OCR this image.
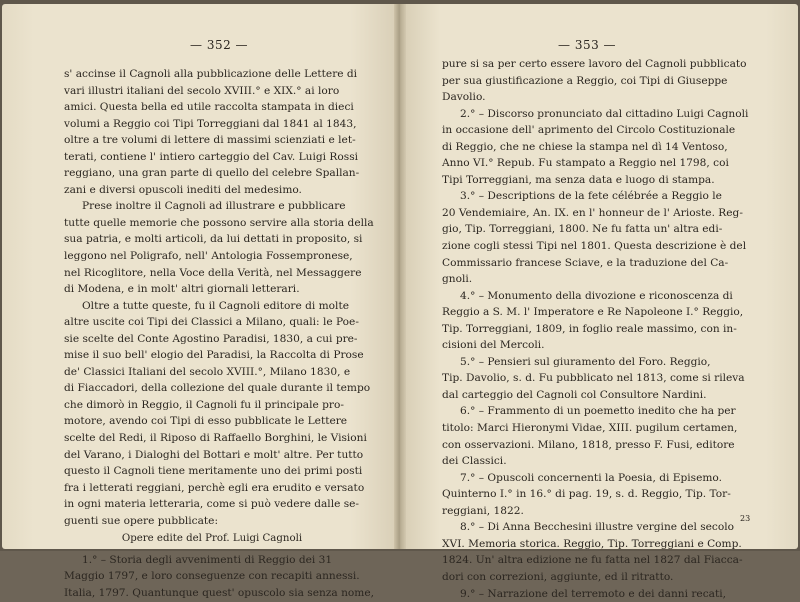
— 352 —
s' accinse il Cagnoli alla pubblicazione delle Lettere di
vari illustri italiani del secolo XVIII.° e XIX.° ai loro
amici. Questa bella ed utile raccolta stampata in dieci
volumi a Reggio coi Tipi Torreggiani dal 1841 al 1843,
oltre a tre volumi di lettere di massimi scienziati e let-
terati, contiene l' intiero carteggio del Cav. Luigi Rossi
reggiano, una gran parte di quello del celebre Spallan-
zani e diversi opuscoli inediti del medesimo.
Prese inoltre il Cagnoli ad illustrare e pubblicare
tutte quelle memorie che possono servire alla storia della
sua patria, e molti articoli, da lui dettati in proposito, si
leggono nel Poligrafo, nell' Antologia Fossempronese,
nel Ricoglitore, nella Voce della Verità, nel Messaggere
di Modena, e in molt' altri giornali letterari.
Oltre a tutte queste, fu il Cagnoli editore di molte
altre uscite coi Tipi dei Classici a Milano, quali: le Poe-
sie scelte del Conte Agostino Paradisi, 1830, a cui pre-
mise il suo bell' elogio del Paradisi, la Raccolta di Prose
de' Classici Italiani del secolo XVIII.°, Milano 1830, e
di Fiaccadori, della collezione del quale durante il tempo
che dimorò in Reggio, il Cagnoli fu il principale pro-
motore, avendo coi Tipi di esso pubblicate le Lettere
scelte del Redi, il Riposo di Raffaello Borghini, le Visioni
del Varano, i Dialoghi del Bottari e molt' altre. Per tutto
questo il Cagnoli tiene meritamente uno dei primi posti
fra i letterati reggiani, perchè egli era erudito e versato
in ogni materia letteraria, come si può vedere dalle se-
guenti sue opere pubblicate:
Opere edite del Prof. Luigi Cagnoli
1.° – Storia degli avvenimenti di Reggio dei 31
Maggio 1797, e loro conseguenze con recapiti annessi.
Italia, 1797. Quantunque quest' opuscolo sia senza nome,
— 353 —
pure si sa per certo essere lavoro del Cagnoli pubblicato
per sua giustificazione a Reggio, coi Tipi di Giuseppe
Davolio.
2.° – Discorso pronunciato dal cittadino Luigi Cagnoli
in occasione dell' aprimento del Circolo Costituzionale
di Reggio, che ne chiese la stampa nel dì 14 Ventoso,
Anno VI.° Repub. Fu stampato a Reggio nel 1798, coi
Tipi Torreggiani, ma senza data e luogo di stampa.
3.° – Descriptions de la fete célébrée a Reggio le
20 Vendemiaire, An. IX. en l' honneur de l' Arioste. Reg-
gio, Tip. Torreggiani, 1800. Ne fu fatta un' altra edi-
zione cogli stessi Tipi nel 1801. Questa descrizione è del
Commissario francese Sciave, e la traduzione del Ca-
gnoli.
4.° – Monumento della divozione e riconoscenza di
Reggio a S. M. l' Imperatore e Re Napoleone I.° Reggio,
Tip. Torreggiani, 1809, in foglio reale massimo, con in-
cisioni del Mercoli.
5.° – Pensieri sul giuramento del Foro. Reggio,
Tip. Davolio, s. d. Fu pubblicato nel 1813, come si rileva
dal carteggio del Cagnoli col Consultore Nardini.
6.° – Frammento di un poemetto inedito che ha per
titolo: Marci Hieronymi Vidae, XIII. pugilum certamen,
con osservazioni. Milano, 1818, presso F. Fusi, editore
dei Classici.
7.° – Opuscoli concernenti la Poesia, di Episemo.
Quinterno I.° in 16.° di pag. 19, s. d. Reggio, Tip. Tor-
reggiani, 1822.
8.° – Di Anna Becchesini illustre vergine del secolo
XVI. Memoria storica. Reggio, Tip. Torreggiani e Comp.
1824. Un' altra edizione ne fu fatta nel 1827 dal Fiacca-
dori con correzioni, aggiunte, ed il ritratto.
9.° – Narrazione del terremoto e dei danni recati,
23
